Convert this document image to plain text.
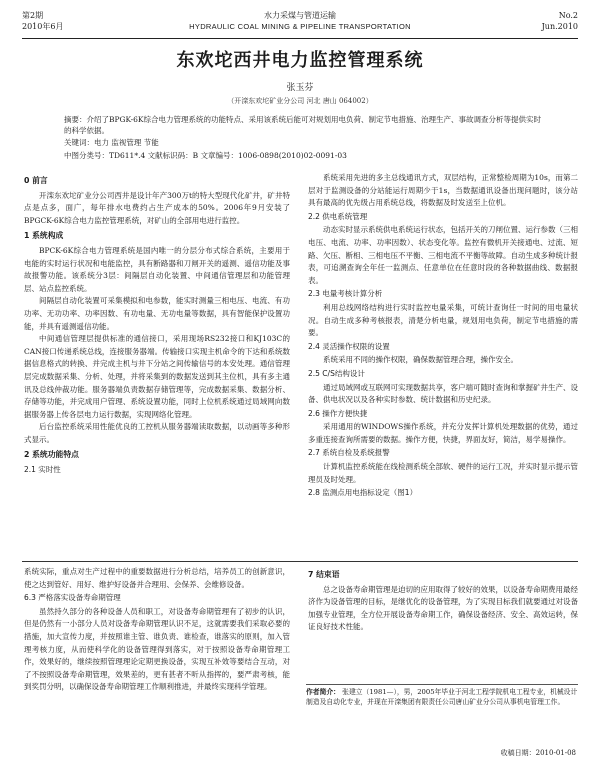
第2期
2010年6月
水力采煤与管道运输
HYDRAULIC COAL MINING & PIPELINE TRANSPORTATION
No.2
Jun.2010
东欢坨西井电力监控管理系统
张玉芬
（开滦东欢坨矿业分公司 河北 唐山 064002）
摘要：介绍了BPGK-6K综合电力管理系统的功能特点、采用该系统后能可对规划用电负荷、制定节电措施、治理生产、事故调查分析等提供实时的科学依据。
关键词：电力 监视管理 节能
中图分类号：TD611*.4 文献标识码：B 文章编号：1006-0898(2010)02-0091-03

0 前言

开滦东欢坨矿业分公司西井是设计年产300万t的特大型现代化矿井，矿井特点是点多，面广，每年排水电费约占生产成本的50%。2006年9月安装了BPGCK-6K综合电力监控管理系统，对矿山的全部用电进行监控。

1 系统构成

BPCK-6K综合电力管理系统是国内唯一的分层分布式综合系统，主要用于电能的实时运行状况和电能监控，具有断路器和刀闸开关的遥测、遥信功能及事故报警功能。该系统分3层：间隔层自动化装置、中间通信管理层和功能管理层、站点监控系统。

间隔层自动化装置可采集模拟和电参数，能实时测量三相电压、电流、有功功率、无功功率、功率因数、有功电量、无功电量等数据，具有智能保护设置功能，并具有遥测遥信功能。

中间通信管理层提供标准的通信接口，采用现场RS232接口和KJ103C的CAN接口传递系统总线，连接服务器端。传输接口实现主机命令的下达和系统数据信息格式的转换、并完成主机与井下分站之间传输信号的本安处理。通信管理层完成数据采集、分析、处理，并将采集到的数据发送到其主位机，具有多主通讯及总线仲裁功能。服务器端负责数据存储管理等，完成数据采集、数据分析、存储等功能，并完成用户管理、系统设置功能，同时上位机系统通过局域网向数据服务器上传各层电力运行数据，实现网络化管理。

后台监控系统采用性能优良的工控机从服务器端读取数据，以动画等多种形式显示。

2 系统功能特点

2.1 实时性

系统采用先进的多主总线通讯方式，双层结构，正常整检周期为10s，而第二层对于监测设备的分站能运行周期少于1s，当数据通讯设备出现问题时，该分站具有最高的优先级占用系统总线，将数据及时发送至上位机。

2.2 供电系统管理

动态实时显示系统供电系统运行状态，包括开关的刀闸位置、运行参数（三相电压、电流、功率、功率因数）、状态变化等。监控有微机开关接通电、过流、短路、欠压、断相、三相电压不平衡、三相电流不平衡等故障。自动生成多种统计报表，可追溯查询全年任一监测点、任意单位在任意时段的各种数据曲线、数据报表。

2.3 电量考核计算分析

利用总线网络结构进行实时监控电量采集，可统计查询任一时间的用电量状况。自动生成多种考核报表，清楚分析电量，规划用电负荷，制定节电措施的需要。

2.4 灵活操作权限的设置

系统采用不同的操作权限，确保数据管理合理，操作安全。

2.5 C/S结构设计

通过局域网或互联网可实现数据共享，客户端可随时查询和掌握矿井生产、设备、供电状况以及各种实时参数、统计数据和历史纪录。

2.6 操作方便快捷

采用通用的WINDOWS操作系统，并充分发挥计算机处理数据的优势，通过多重连接查询所需要的数据。操作方便，快捷，界面友好，简洁，易学易操作。

2.7 系统自检及系统报警

计算机监控系统能在线检测系统全部软、硬件的运行工况，并实时显示提示管理员及时处理。

2.8 监测点用电指标设定（图1）

系统实际，重点对生产过程中的重要数据进行分析总结，培养员工的创新意识，使之达到管好、用好、维护好设备并合理用、会保养、会维修设备。

6.3 严格落实设备寿命期管理

虽然持久部分的各种设备人员和职工，对设备寿命期管理有了初步的认识，但是仍然有一小部分人员对设备寿命期管理认识不足，这就需要我们采取必要的措施，加大宣传力度，并按照谁主管、谁负责、谁检查，谁落实的原则，加入管理考核力度，从而使科学化的设备管理得到落实，对于按照设备寿命期管理工作，效果好的，继续按照管理理论定期更换设备，实现互补效等要结合互动，对了不按照设备寿命期管理，效果差的，更有甚者不听从指挥的，要严肃考核，能到奖罚分明，以确保设备寿命期管理工作顺利推进，并最终实现科学管理。

7 结束语

总之设备寿命期管理是迫切的应用取得了较好的效果，以设备寿命期费用最经济作为设备管理的目标，是继优化的设备管理，为了实现目标我们就要通过对设备加强专业管理，全方位开展设备寿命期工作，确保设备经济、安全、高效运转，保证良好技术性能。

作者简介： 张建立（1981—），男，2005年毕业于河北工程学院机电工程专业，机械设计制造及自动化专业，并现在开滦集团有限责任公司唐山矿业分公司从事机电管理工作。
收稿日期：2010-01-08
